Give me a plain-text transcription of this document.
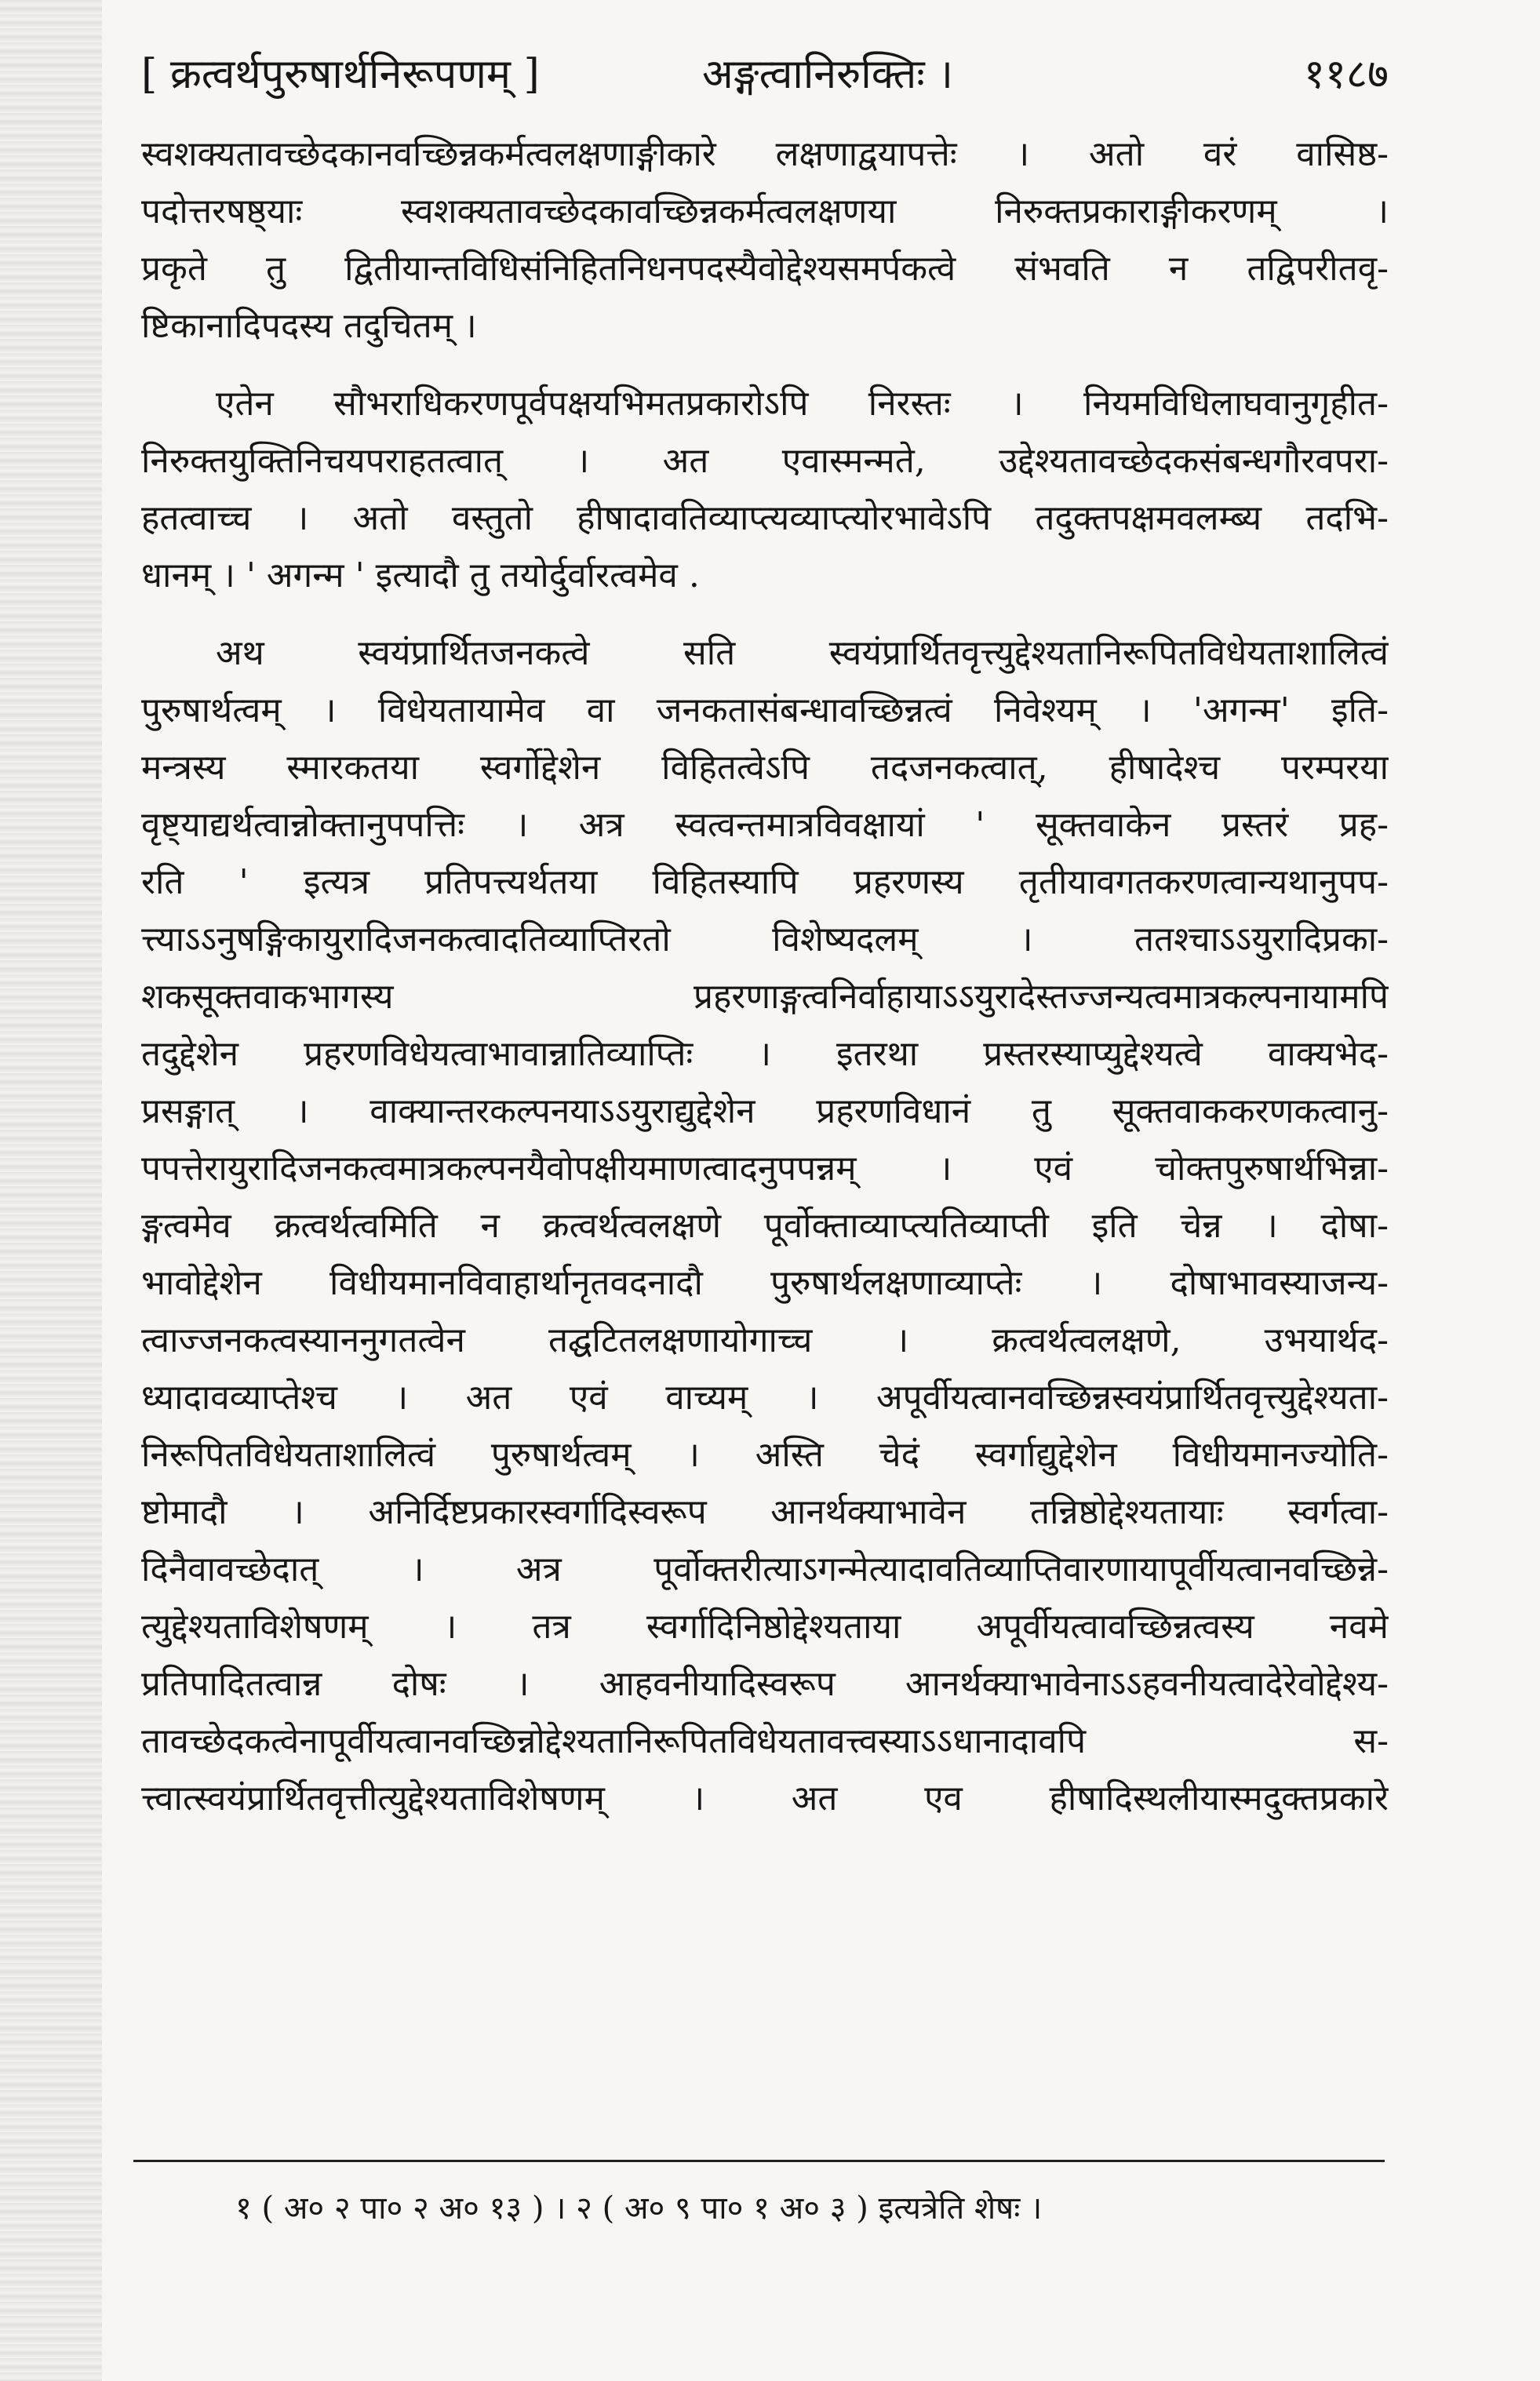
[ क्रत्वर्थपुरुषार्थनिरूपणम् ]	अङ्गत्वानिरुक्तिः ।	११८७
स्वशक्यतावच्छेदकानवच्छिन्नकर्मत्वलक्षणाङ्गीकारे लक्षणाद्वयापत्तेः । अतो वरं वासिष्ठ-
पदोत्तरषष्ठ्याः स्वशक्यतावच्छेदकावच्छिन्नकर्मत्वलक्षणया निरुक्तप्रकाराङ्गीकरणम् ।
प्रकृते तु द्वितीयान्तविधिसंनिहितनिधनपदस्यैवोद्देश्यसमर्पकत्वे संभवति न तद्विपरीतवृ-
ष्टिकानादिपदस्य तदुचितम् ।
एतेन सौभराधिकरणपूर्वपक्षयभिमतप्रकारोऽपि निरस्तः । नियमविधिलाघवानुगृहीत-
निरुक्तयुक्तिनिचयपराहतत्वात् । अत एवास्मन्मते, उद्देश्यतावच्छेदकसंबन्धगौरवपरा-
हतत्वाच्च । अतो वस्तुतो हीषादावतिव्याप्त्यव्याप्त्योरभावेऽपि तदुक्तपक्षमवलम्ब्य तदभि-
धानम् । ' अगन्म ' इत्यादौ तु तयोर्दुर्वारत्वमेव .
अथ स्वयंप्रार्थितजनकत्वे सति स्वयंप्रार्थितवृत्त्युद्देश्यतानिरूपितविधेयताशालित्वं
पुरुषार्थत्वम् । विधेयतायामेव वा जनकतासंबन्धावच्छिन्नत्वं निवेश्यम् । 'अगन्म' इति-
मन्त्रस्य स्मारकतया स्वर्गोद्देशेन विहितत्वेऽपि तदजनकत्वात्, हीषादेश्च परम्परया
वृष्ट्याद्यर्थत्वान्नोक्तानुपपत्तिः । अत्र स्वत्वन्तमात्रविवक्षायां ' सूक्तवाकेन प्रस्तरं प्रह-
रति ' इत्यत्र प्रतिपत्त्यर्थतया विहितस्यापि प्रहरणस्य तृतीयावगतकरणत्वान्यथानुपप-
त्त्याऽऽनुषङ्गिकायुरादिजनकत्वादतिव्याप्तिरतो विशेष्यदलम् । ततश्चाऽऽयुरादिप्रका-
शकसूक्तवाकभागस्य प्रहरणाङ्गत्वनिर्वाहायाऽऽयुरादेस्तज्जन्यत्वमात्रकल्पनायामपि
तदुद्देशेन प्रहरणविधेयत्वाभावान्नातिव्याप्तिः । इतरथा प्रस्तरस्याप्युद्देश्यत्वे वाक्यभेद-
प्रसङ्गात् । वाक्यान्तरकल्पनयाऽऽयुराद्युद्देशेन प्रहरणविधानं तु सूक्तवाककरणकत्वानु-
पपत्तेरायुरादिजनकत्वमात्रकल्पनयैवोपक्षीयमाणत्वादनुपपन्नम् । एवं चोक्तपुरुषार्थभिन्ना-
ङ्गत्वमेव क्रत्वर्थत्वमिति न क्रत्वर्थत्वलक्षणे पूर्वोक्ताव्याप्त्यतिव्याप्ती इति चेन्न । दोषा-
भावोद्देशेन विधीयमानविवाहार्थानृतवदनादौ पुरुषार्थलक्षणाव्याप्तेः । दोषाभावस्याजन्य-
त्वाज्जनकत्वस्याननुगतत्वेन तद्घटितलक्षणायोगाच्च । क्रत्वर्थत्वलक्षणे, उभयार्थद-
ध्यादावव्याप्तेश्च । अत एवं वाच्यम् । अपूर्वीयत्वानवच्छिन्नस्वयंप्रार्थितवृत्त्युद्देश्यता-
निरूपितविधेयताशालित्वं पुरुषार्थत्वम् । अस्ति चेदं स्वर्गाद्युद्देशेन विधीयमानज्योति-
ष्टोमादौ । अनिर्दिष्टप्रकारस्वर्गादिस्वरूप आनर्थक्याभावेन तन्निष्ठोद्देश्यतायाः स्वर्गत्वा-
दिनैवावच्छेदात् । अत्र पूर्वोक्तरीत्याऽगन्मेत्यादावतिव्याप्तिवारणायापूर्वीयत्वानवच्छिन्ने-
त्युद्देश्यताविशेषणम् । तत्र स्वर्गादिनिष्ठोद्देश्यताया अपूर्वीयत्वावच्छिन्नत्वस्य नवमे
प्रतिपादितत्वान्न दोषः । आहवनीयादिस्वरूप आनर्थक्याभावेनाऽऽहवनीयत्वादेरेवोद्देश्य-
तावच्छेदकत्वेनापूर्वीयत्वानवच्छिन्नोद्देश्यतानिरूपितविधेयतावत्त्वस्याऽऽधानादावपि स-
त्त्वात्स्वयंप्रार्थितवृत्तीत्युद्देश्यताविशेषणम् । अत एव हीषादिस्थलीयास्मदुक्तप्रकारे
१ ( अ० २ पा० २ अ० १३ ) । २ ( अ० ९ पा० १ अ० ३ ) इत्यत्रेति शेषः ।
